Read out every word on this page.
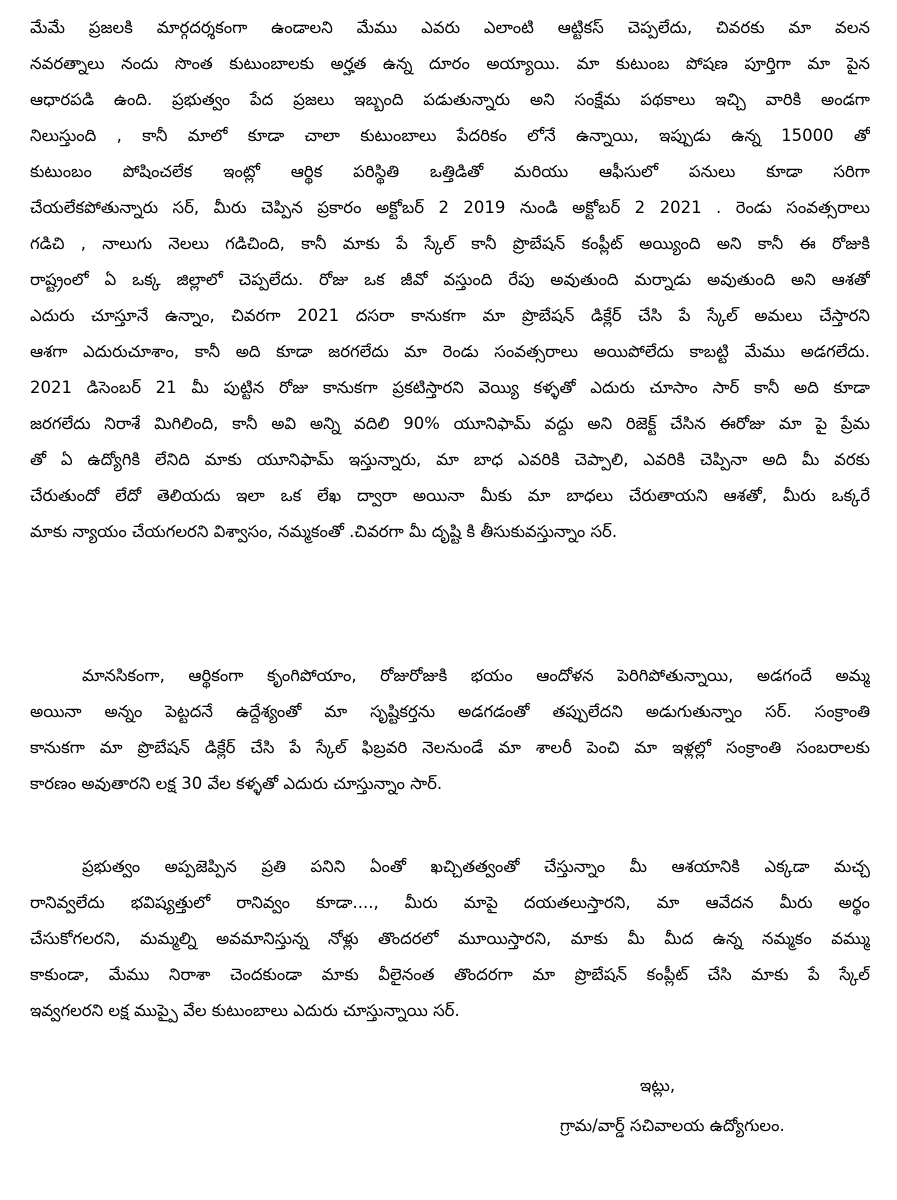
మేమే ప్రజలకి మార్గదర్శకంగా ఉండాలని మేము ఎవరు ఎలాంటి ఆట్టికస్ చెప్పలేదు, చివరకు మా వలన
నవరత్నాలు నందు సొంత కుటుంబాలకు అర్హత ఉన్న దూరం అయ్యాయి. మా కుటుంబ పోషణ పూర్తిగా మా పైన
ఆధారపడి ఉంది. ప్రభుత్వం పేద ప్రజలు ఇబ్బంది పడుతున్నారు అని సంక్షేమ పథకాలు ఇచ్చి వారికి అండగా
నిలుస్తుంది , కానీ మాలో కూడా చాలా కుటుంబాలు పేదరికం లోనే ఉన్నాయి, ఇప్పుడు ఉన్న 15000 తో
కుటుంబం పోషించలేక ఇంట్లో ఆర్థిక పరిస్థితి ఒత్తిడితో మరియు ఆఫీసులో పనులు కూడా సరిగా
చేయలేకపోతున్నారు సర్, మీరు చెప్పిన ప్రకారం అక్టోబర్ 2 2019 నుండి అక్టోబర్ 2 2021 . రెండు సంవత్సరాలు
గడిచి , నాలుగు నెలలు గడిచింది, కానీ మాకు పే స్కేల్ కానీ ప్రొబేషన్ కంప్లీట్ అయ్యింది అని కానీ ఈ రోజుకి
రాష్ట్రంలో ఏ ఒక్క జిల్లాలో చెప్పలేదు. రోజు ఒక జీవో వస్తుంది రేపు అవుతుంది మర్నాడు అవుతుంది అని ఆశతో
ఎదురు చూస్తూనే ఉన్నాం, చివరగా 2021 దసరా కానుకగా మా ప్రొబేషన్ డిక్లేర్ చేసి పే స్కేల్ అమలు చేస్తారని
ఆశగా ఎదురుచూశాం, కానీ అది కూడా జరగలేదు మా రెండు సంవత్సరాలు అయిపోలేదు కాబట్టి మేము అడగలేదు.
2021 డిసెంబర్ 21 మీ పుట్టిన రోజు కానుకగా ప్రకటిస్తారని వెయ్యి కళ్ళతో ఎదురు చూసాం సార్ కానీ అది కూడా
జరగలేదు నిరాశే మిగిలింది, కానీ అవి అన్ని వదిలి 90% యూనిఫామ్ వద్దు అని రిజెక్ట్ చేసిన ఈరోజు మా పై ప్రేమ
తో ఏ ఉద్యోగికి లేనిది మాకు యూనిఫామ్ ఇస్తున్నారు, మా బాధ ఎవరికి చెప్పాలి, ఎవరికి చెప్పినా అది మీ వరకు
చేరుతుందో లేదో తెలియదు ఇలా ఒక లేఖ ద్వారా అయినా మీకు మా బాధలు చేరుతాయని ఆశతో, మీరు ఒక్కరే
మాకు న్యాయం చేయగలరని విశ్వాసం, నమ్మకంతో .చివరగా మీ దృష్టి కి తీసుకువస్తున్నాం సర్.
మానసికంగా, ఆర్థికంగా కృంగిపోయాం, రోజురోజుకి భయం ఆందోళన పెరిగిపోతున్నాయి, అడగందే అమ్మ
అయినా అన్నం పెట్టదనే ఉద్దేశ్యంతో మా సృష్టికర్తను అడగడంతో తప్పులేదని అడుగుతున్నాం సర్. సంక్రాంతి
కానుకగా మా ప్రొబేషన్ డిక్లేర్ చేసి పే స్కేల్ ఫిబ్రవరి నెలనుండే మా శాలరీ పెంచి మా ఇళ్లల్లో సంక్రాంతి సంబరాలకు
కారణం అవుతారని లక్ష 30 వేల కళ్ళతో ఎదురు చూస్తున్నాం సార్.
ప్రభుత్వం అప్పజెప్పిన ప్రతి పనిని ఏంతో ఖచ్చితత్వంతో చేస్తున్నాం మీ ఆశయానికి ఎక్కడా మచ్చ
రానివ్వలేదు భవిష్యత్తులో రానివ్వం కూడా...., మీరు మాపై దయతలుస్తారని, మా ఆవేదన మీరు అర్థం
చేసుకోగలరని, మమ్మల్ని అవమానిస్తున్న నోళ్లు తొందరలో మూయిస్తారని, మాకు మీ మీద ఉన్న నమ్మకం వమ్ము
కాకుండా, మేము నిరాశా చెందకుండా మాకు వీలైనంత తొందరగా మా ప్రొబేషన్ కంప్లీట్ చేసి మాకు పే స్కేల్
ఇవ్వగలరని లక్ష ముప్పై వేల కుటుంబాలు ఎదురు చూస్తున్నాయి సర్.
ఇట్లు,
గ్రామ/వార్డ్ సచివాలయ ఉద్యోగులం.
